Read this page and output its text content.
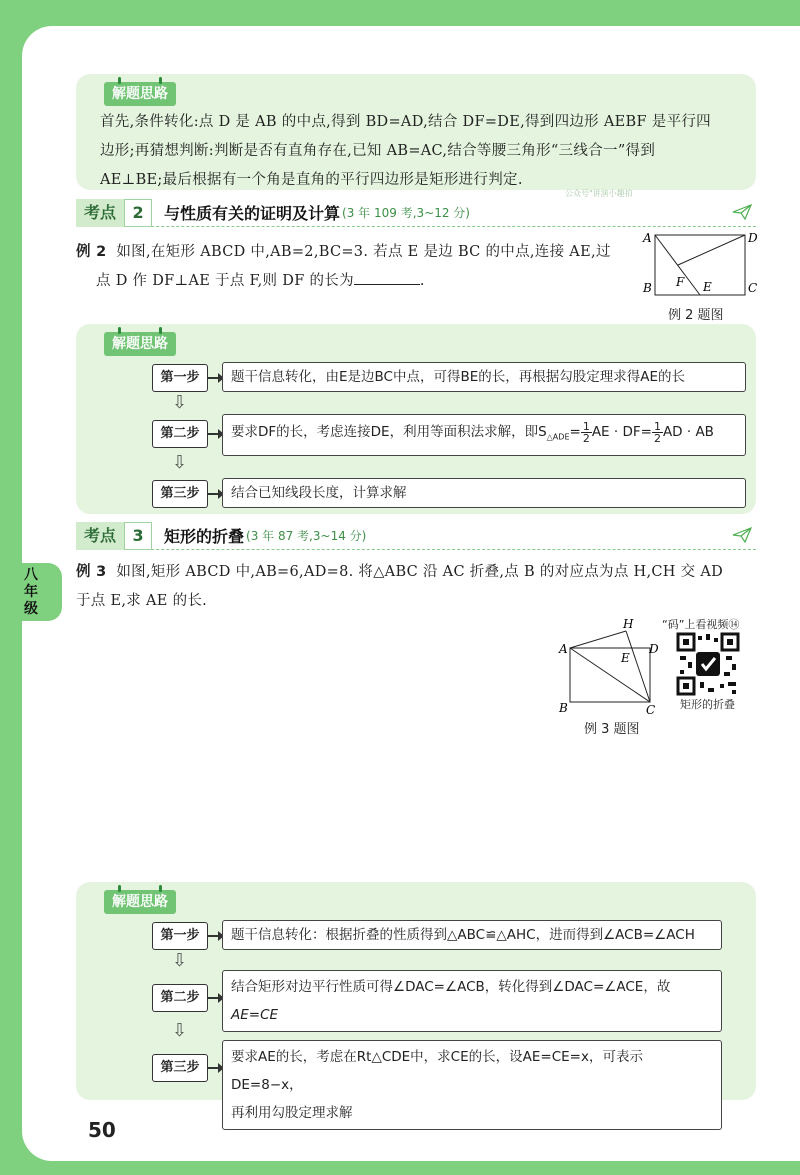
八
年
级
解题思路
首先,条件转化:点 D 是 AB 的中点,得到 BD=AD,结合 DF=DE,得到四边形 AEBF 是平行四
边形;再猜想判断:判断是否有直角存在,已知 AB=AC,结合等腰三角形“三线合一”得到
AE⊥BE;最后根据有一个角是直角的平行四边形是矩形进行判定.
公众号"讲演小趣拍
考点	2	与性质有关的证明及计算 (3 年 109 考,3~12 分)
例 2 如图,在矩形 ABCD 中,AB=2,BC=3. 若点 E 是边 BC 的中点,连接 AE,过
点 D 作 DF⊥AE 于点 F,则 DF 的长为	.
A	D
B	C
E
F
例 2 题图
解题思路
第一步	题干信息转化，由E是边BC中点，可得BE的长，再根据勾股定理求得AE的长
⇩
第二步	要求DF的长，考虑连接DE，利用等面积法求解，即$S_{\triangle ADE}= \frac{1}{2}$ AE · $DF= \frac{1}{2}$ AD · AB
⇩
第三步	结合已知线段长度，计算求解
考点	3	矩形的折叠 (3 年 87 考,3~14 分)
例 3 如图,矩形 ABCD 中,AB=6,AD=8. 将△ABC 沿 AC 折叠,点 B 的对应点为点 H,CH 交 AD
于点 E,求 AE 的长.
A
B	C
D
E
H
例 3 题图
“码”上看视频⑭
矩形的折叠
解题思路
第一步	题干信息转化：根据折叠的性质得到△ABC≌△AHC，进而得到∠ACB=∠ACH
⇩
第二步
结合矩形对边平行性质可得∠DAC=∠ACB，转化得到∠DAC=∠ACE，故
AE=CE
⇩
第三步
要求AE的长，考虑在Rt△CDE中，求CE的长，设AE=CE=x，可表示DE=8−x，
再利用勾股定理求解
50
